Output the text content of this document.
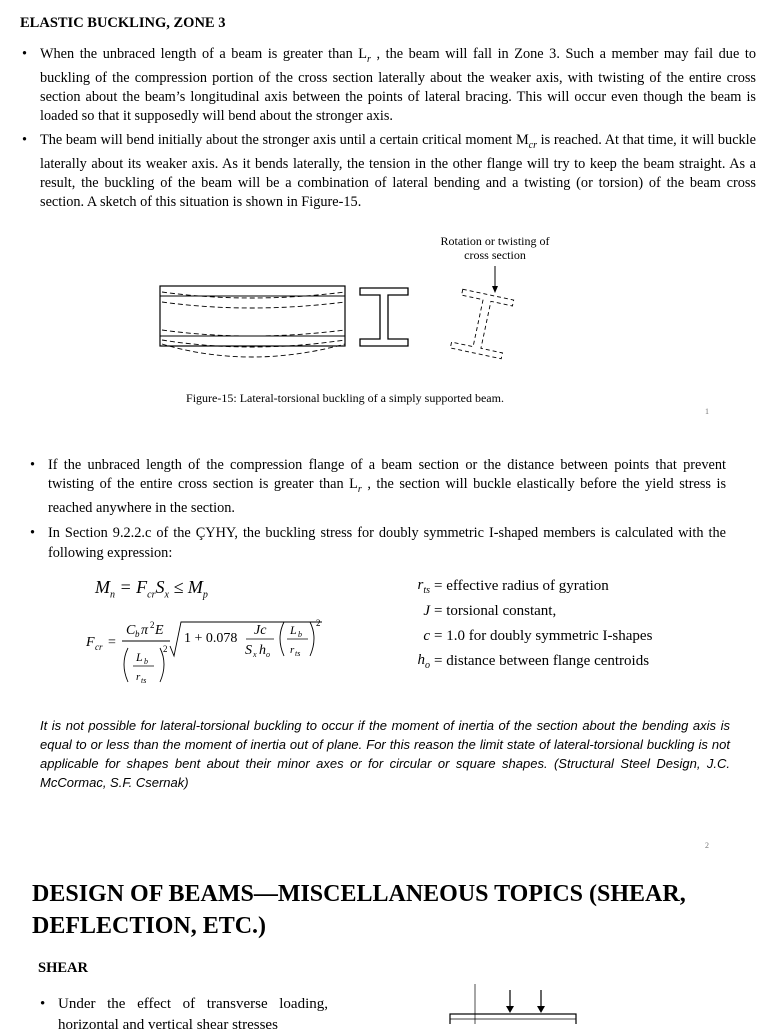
ELASTIC BUCKLING, ZONE 3
• When the unbraced length of a beam is greater than $L_r$ , the beam will fall in Zone 3. Such a member may fail due to buckling of the compression portion of the cross section laterally about the weaker axis, with twisting of the entire cross section about the beam’s longitudinal axis between the points of lateral bracing. This will occur even though the beam is loaded so that it supposedly will bend about the stronger axis.
• The beam will bend initially about the stronger axis until a certain critical moment $M_{cr}$ is reached. At that time, it will buckle laterally about its weaker axis. As it bends laterally, the tension in the other flange will try to keep the beam straight. As a result, the buckling of the beam will be a combination of lateral bending and a twisting (or torsion) of the beam cross section. A sketch of this situation is shown in Figure-15.
Rotation or twisting of
cross section
Figure-15: Lateral-torsional buckling of a simply supported beam.
1
• If the unbraced length of the compression flange of a beam section or the distance between points that prevent twisting of the entire cross section is greater than $L_r$ , the section will buckle elastically before the yield stress is reached anywhere in the section.
• In Section 9.2.2.c of the ÇYHY, the buckling stress for doubly symmetric I-shaped members is calculated with the following expression:
$M_n = F_{cr}S_x \le M_p$
F cr =
C b π 2 E
L b
r ts
2
1 + 0.078
Jc
S x h o
L b
r ts
2
$r_{ts}$ = effective radius of gyration
J = torsional constant,
c = 1.0 for doubly symmetric I-shapes
$h_o$ = distance between flange centroids
It is not possible for lateral-torsional buckling to occur if the moment of inertia of the section about the bending axis is equal to or less than the moment of inertia out of plane. For this reason the limit state of lateral-torsional buckling is not applicable for shapes bent about their minor axes or for circular or square shapes. (Structural Steel Design, J.C. McCormac, S.F. Csernak)
2
DESIGN OF BEAMS—MISCELLANEOUS TOPICS (SHEAR, DEFLECTION, ETC.)
SHEAR
• Under the effect of transverse loading, horizontal and vertical shear stresses
